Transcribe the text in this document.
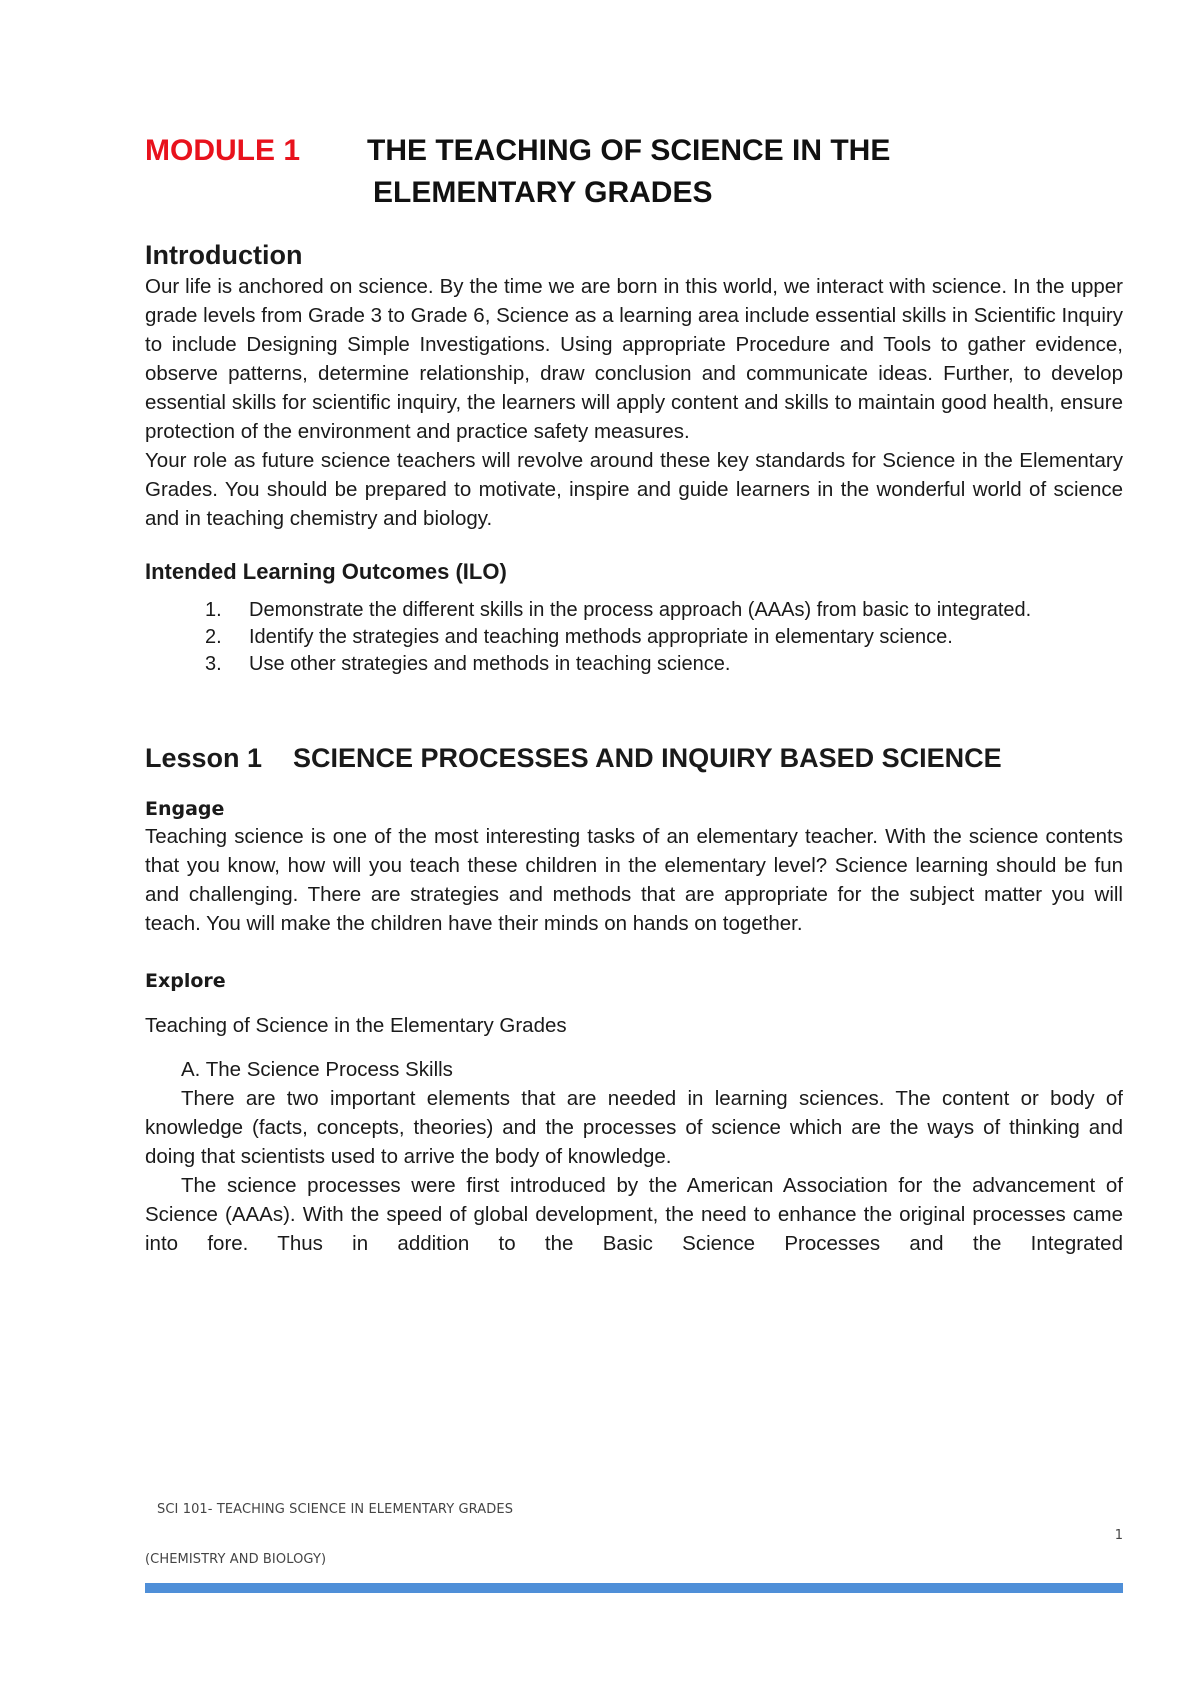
MODULE 1	THE TEACHING OF SCIENCE IN THE
ELEMENTARY GRADES
Introduction

Our life is anchored on science. By the time we are born in this world, we interact with science. In the upper grade levels from Grade 3 to Grade 6, Science as a learning area include essential skills in Scientific Inquiry to include Designing Simple Investigations. Using appropriate Procedure and Tools to gather evidence, observe patterns, determine relationship, draw conclusion and communicate ideas. Further, to develop essential skills for scientific inquiry, the learners will apply content and skills to maintain good health, ensure protection of the environment and practice safety measures.

Your role as future science teachers will revolve around these key standards for Science in the Elementary Grades. You should be prepared to motivate, inspire and guide learners in the wonderful world of science and in teaching chemistry and biology.

Intended Learning Outcomes (ILO)
1.	Demonstrate the different skills in the process approach (AAAs) from basic to integrated.
2.	Identify the strategies and teaching methods appropriate in elementary science.
3.	Use other strategies and methods in teaching science.
Lesson 1	SCIENCE PROCESSES AND INQUIRY BASED SCIENCE
Engage

Teaching science is one of the most interesting tasks of an elementary teacher. With the science contents that you know, how will you teach these children in the elementary level? Science learning should be fun and challenging. There are strategies and methods that are appropriate for the subject matter you will teach. You will make the children have their minds on hands on together.

Explore
Teaching of Science in the Elementary Grades
A. The Science Process Skills

There are two important elements that are needed in learning sciences. The content or body of knowledge (facts, concepts, theories) and the processes of science which are the ways of thinking and doing that scientists used to arrive the body of knowledge.

The science processes were first introduced by the American Association for the advancement of Science (AAAs). With the speed of global development, the need to enhance the original processes came into fore. Thus in addition to the Basic Science Processes and the Integrated

SCI 101- TEACHING SCIENCE IN ELEMENTARY GRADES
1
(CHEMISTRY AND BIOLOGY)
